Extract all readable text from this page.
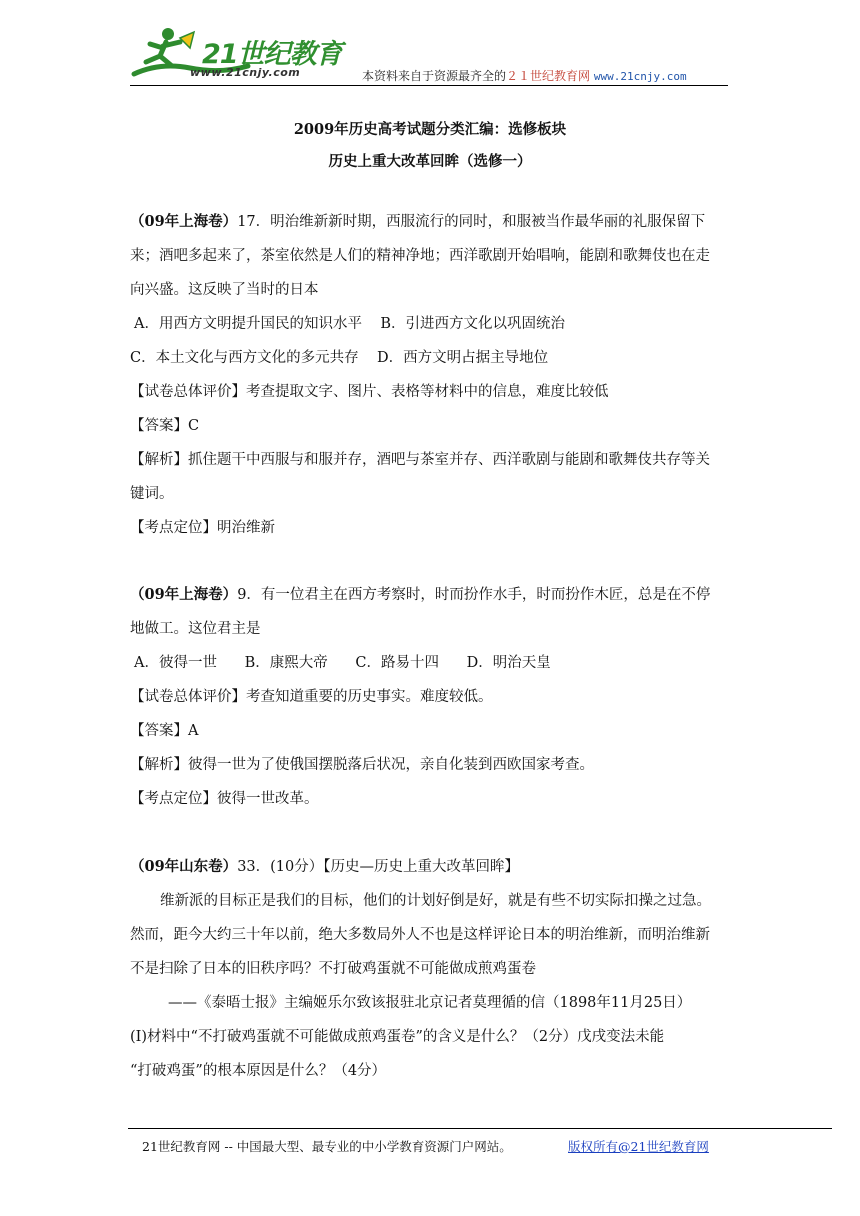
21世纪教育
www.21cnjy.com	本资料来自于资源最齐全的２１世纪教育网 www.21cnjy.com
2009年历史高考试题分类汇编：选修板块
历史上重大改革回眸（选修一）
（09年上海卷）17．明治维新新时期，西服流行的同时，和服被当作最华丽的礼服保留下
来；酒吧多起来了，茶室依然是人们的精神净地；西洋歌剧开始唱响，能剧和歌舞伎也在走
向兴盛。这反映了当时的日本
A．用西方文明提升国民的知识水平    B．引进西方文化以巩固统治
C．本土文化与西方文化的多元共存    D．西方文明占据主导地位
【试卷总体评价】考查提取文字、图片、表格等材料中的信息，难度比较低
【答案】C
【解析】抓住题干中西服与和服并存，酒吧与茶室并存、西洋歌剧与能剧和歌舞伎共存等关
键词。
【考点定位】明治维新
（09年上海卷）9．有一位君主在西方考察时，时而扮作水手，时而扮作木匠，总是在不停
地做工。这位君主是
A．彼得一世      B．康熙大帝      C．路易十四      D．明治天皇
【试卷总体评价】考查知道重要的历史事实。难度较低。
【答案】A
【解析】彼得一世为了使俄国摆脱落后状况，亲自化装到西欧国家考查。
【考点定位】彼得一世改革。
（09年山东卷）33．(10分）【历史—历史上重大改革回眸】
维新派的目标正是我们的目标，他们的计划好倒是好，就是有些不切实际扣操之过急。
然而，距今大约三十年以前，绝大多数局外人不也是这样评论日本的明治维新，而明治维新
不是扫除了日本的旧秩序吗？不打破鸡蛋就不可能做成煎鸡蛋卷
——《泰晤士报》主编姬乐尔致该报驻北京记者莫理循的信（1898年11月25日）
(I)材料中“不打破鸡蛋就不可能做成煎鸡蛋卷”的含义是什么？（2分）戊戌变法未能
“打破鸡蛋”的根本原因是什么？（4分）
21世纪教育网 -- 中国最大型、最专业的中小学教育资源门户网站。	版权所有@21世纪教育网
